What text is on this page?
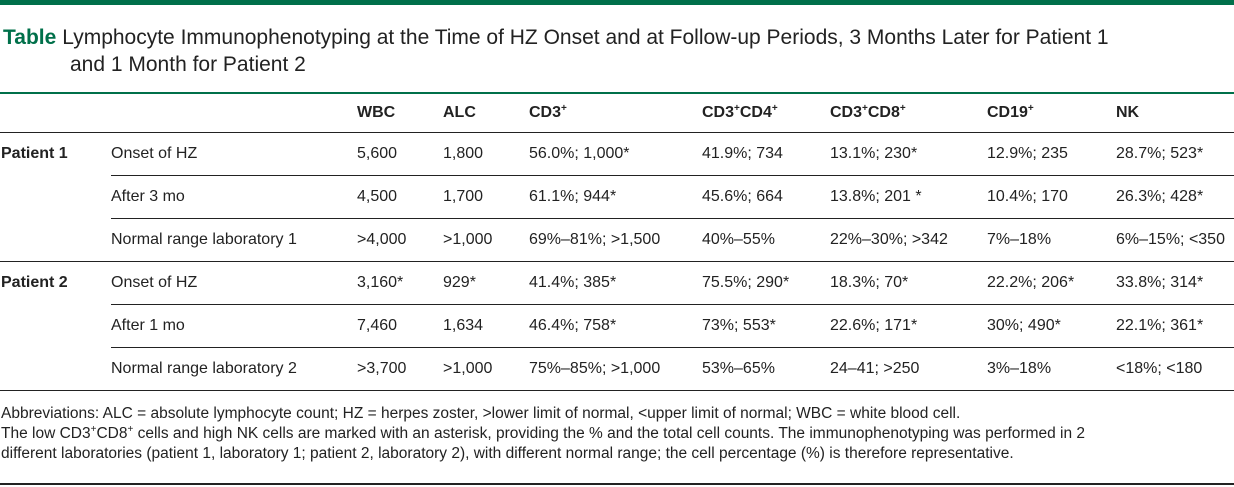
Table Lymphocyte Immunophenotyping at the Time of HZ Onset and at Follow-up Periods, 3 Months Later for Patient 1
and 1 Month for Patient 2
		WBC	ALC	CD3+	CD3+CD4+	CD3+CD8+	CD19+	NK
Patient 1	Onset of HZ	5,600	1,800	56.0%; 1,000*	41.9%; 734	13.1%; 230*	12.9%; 235	28.7%; 523*
	After 3 mo	4,500	1,700	61.1%; 944*	45.6%; 664	13.8%; 201 *	10.4%; 170	26.3%; 428*
	Normal range laboratory 1	>4,000	>1,000	69%–81%; >1,500	40%–55%	22%–30%; >342	7%–18%	6%–15%; <350
Patient 2	Onset of HZ	3,160*	929*	41.4%; 385*	75.5%; 290*	18.3%; 70*	22.2%; 206*	33.8%; 314*
	After 1 mo	7,460	1,634	46.4%; 758*	73%; 553*	22.6%; 171*	30%; 490*	22.1%; 361*
	Normal range laboratory 2	>3,700	>1,000	75%–85%; >1,000	53%–65%	24–41; >250	3%–18%	<18%; <180

Abbreviations: ALC = absolute lymphocyte count; HZ = herpes zoster, >lower limit of normal, <upper limit of normal; WBC = white blood cell.

The low CD3+CD8+ cells and high NK cells are marked with an asterisk, providing the % and the total cell counts. The immunophenotyping was performed in 2

different laboratories (patient 1, laboratory 1; patient 2, laboratory 2), with different normal range; the cell percentage (%) is therefore representative.
